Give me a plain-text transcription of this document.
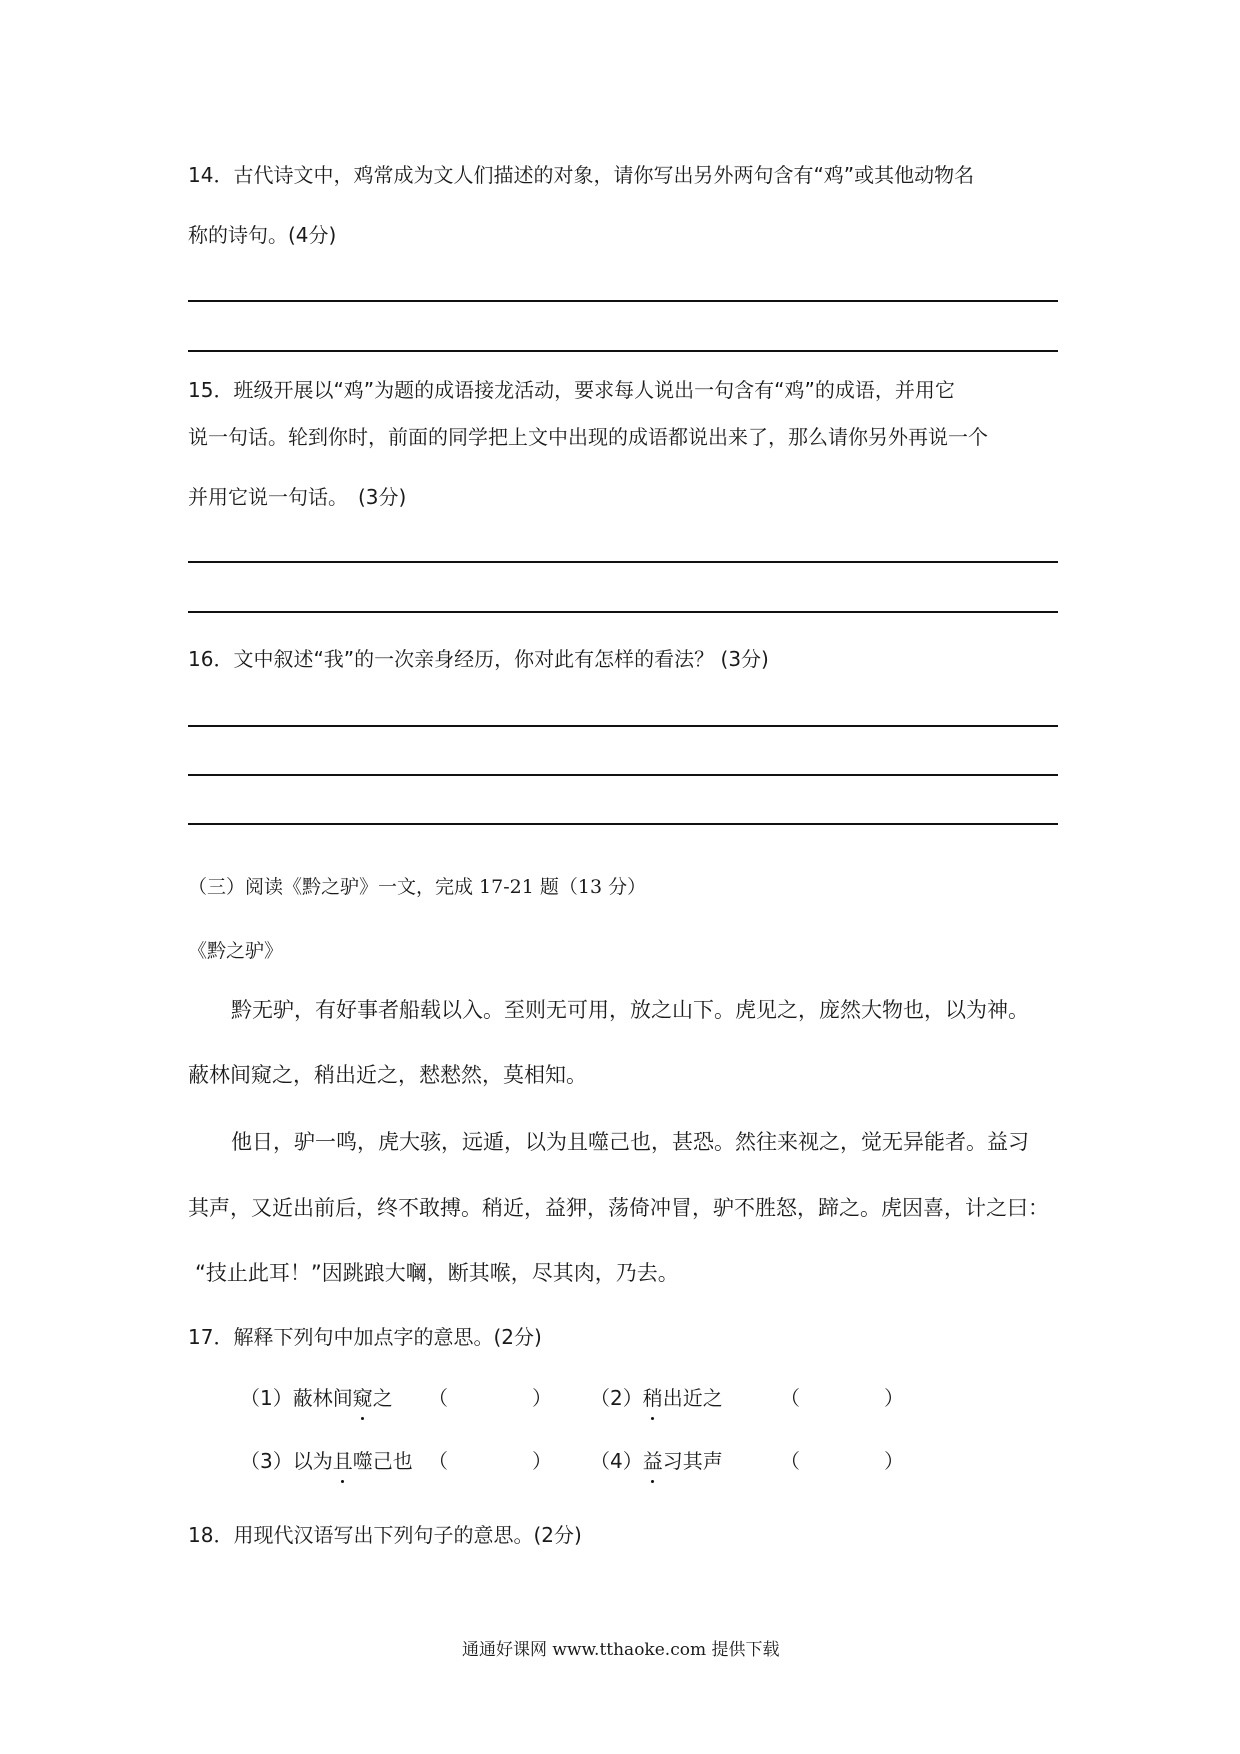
14．古代诗文中，鸡常成为文人们描述的对象，请你写出另外两句含有“鸡”或其他动物名
称的诗句。(4分)
15．班级开展以“鸡”为题的成语接龙活动，要求每人说出一句含有“鸡”的成语，并用它
说一句话。轮到你时，前面的同学把上文中出现的成语都说出来了，那么请你另外再说一个
并用它说一句话。　(3分)
16．文中叙述“我”的一次亲身经历，你对此有怎样的看法？ (3分)
（三）阅读《黔之驴》一文，完成 17-21 题（13 分）
《黔之驴》
黔无驴，有好事者船载以入。至则无可用，放之山下。虎见之，庞然大物也，以为神。
蔽林间窥之，稍出近之，慭慭然，莫相知。
他日，驴一鸣，虎大骇，远遁，以为且噬己也，甚恐。然往来视之，觉无异能者。益习
其声，又近出前后，终不敢搏。稍近，益狎，荡倚冲冒，驴不胜怒，蹄之。虎因喜，计之曰：
“技止此耳！”因跳踉大㘎，断其喉，尽其肉，乃去。
17．解释下列句中加点字的意思。(2分)
（1）蔽林间窥之 （	） （2）稍出近之	（	）
（3）以为且噬己也 （	） （4）益习其声	（	）
18．用现代汉语写出下列句子的意思。(2分)
通通好课网 www.tthaoke.com 提供下载
